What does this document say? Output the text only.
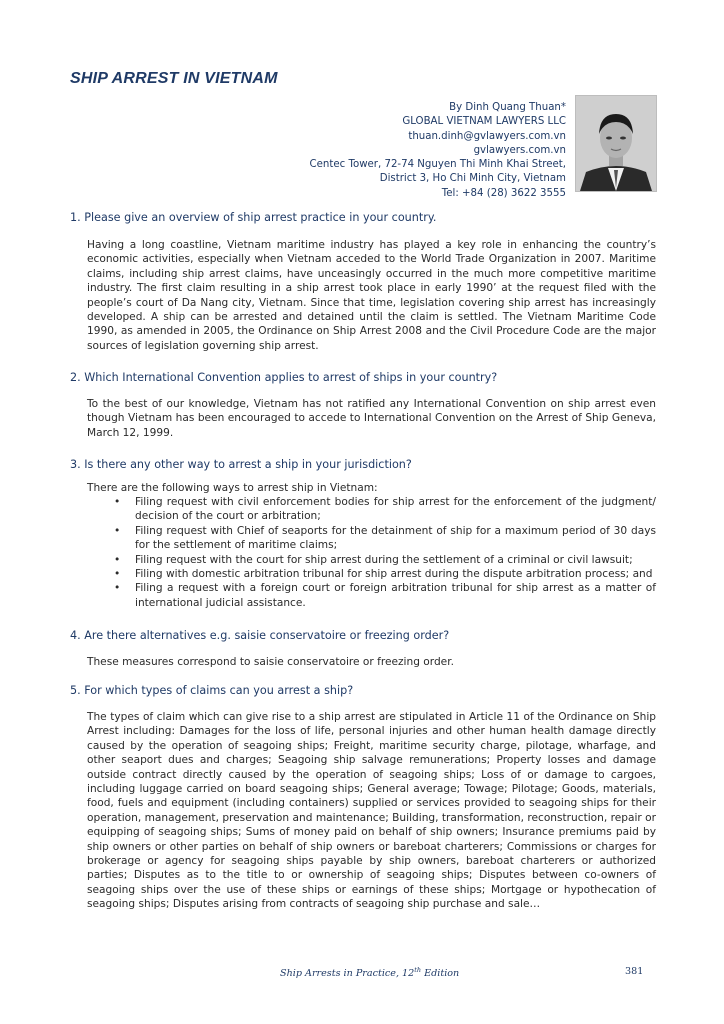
SHIP ARREST IN VIETNAM
By Dinh Quang Thuan*
GLOBAL VIETNAM LAWYERS LLC
thuan.dinh@gvlawyers.com.vn
gvlawyers.com.vn
Centec Tower, 72-74 Nguyen Thi Minh Khai Street,
District 3, Ho Chi Minh City, Vietnam
Tel: +84 (28) 3622 3555
1. Please give an overview of ship arrest practice in your country.
Having a long coastline, Vietnam maritime industry has played a key role in enhancing the country’s economic activities, especially when Vietnam acceded to the World Trade Organization in 2007. Maritime claims, including ship arrest claims, have unceasingly occurred in the much more competitive maritime industry. The first claim resulting in a ship arrest took place in early 1990’ at the request filed with the people’s court of Da Nang city, Vietnam. Since that time, legislation covering ship arrest has increasingly developed. A ship can be arrested and detained until the claim is settled. The Vietnam Maritime Code 1990, as amended in 2005, the Ordinance on Ship Arrest 2008 and the Civil Procedure Code are the major sources of legislation governing ship arrest.
2. Which International Convention applies to arrest of ships in your country?
To the best of our knowledge, Vietnam has not ratified any International Convention on ship arrest even though Vietnam has been encouraged to accede to International Convention on the Arrest of Ship Geneva, March 12, 1999.
3. Is there any other way to arrest a ship in your jurisdiction?
There are the following ways to arrest ship in Vietnam:
• Filing request with civil enforcement bodies for ship arrest for the enforcement of the judgment/ decision of the court or arbitration;
• Filing request with Chief of seaports for the detainment of ship for a maximum period of 30 days for the settlement of maritime claims;
• Filing request with the court for ship arrest during the settlement of a criminal or civil lawsuit;
• Filing with domestic arbitration tribunal for ship arrest during the dispute arbitration process; and
• Filing a request with a foreign court or foreign arbitration tribunal for ship arrest as a matter of international judicial assistance.
4. Are there alternatives e.g. saisie conservatoire or freezing order?
These measures correspond to saisie conservatoire or freezing order.
5. For which types of claims can you arrest a ship?
The types of claim which can give rise to a ship arrest are stipulated in Article 11 of the Ordinance on Ship Arrest including: Damages for the loss of life, personal injuries and other human health damage directly caused by the operation of seagoing ships; Freight, maritime security charge, pilotage, wharfage, and other seaport dues and charges; Seagoing ship salvage remunerations; Property losses and damage outside contract directly caused by the operation of seagoing ships; Loss of or damage to cargoes, including luggage carried on board seagoing ships; General average; Towage; Pilotage; Goods, materials, food, fuels and equipment (including containers) supplied or services provided to seagoing ships for their operation, management, preservation and maintenance; Building, transformation, reconstruction, repair or equipping of seagoing ships; Sums of money paid on behalf of ship owners; Insurance premiums paid by ship owners or other parties on behalf of ship owners or bareboat charterers; Commissions or charges for brokerage or agency for seagoing ships payable by ship owners, bareboat charterers or authorized parties; Disputes as to the title to or ownership of seagoing ships; Disputes between co-owners of seagoing ships over the use of these ships or earnings of these ships; Mortgage or hypothecation of seagoing ships; Disputes arising from contracts of seagoing ship purchase and sale…
Ship Arrests in Practice, 12th Edition	381
